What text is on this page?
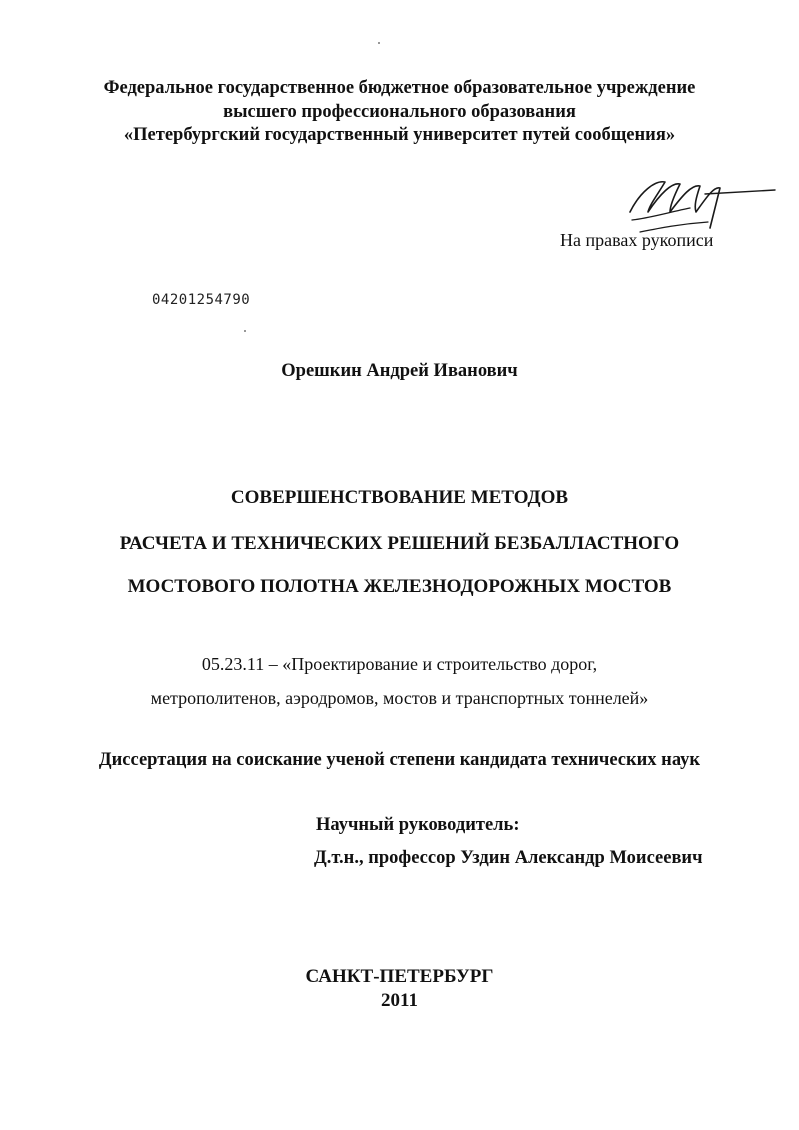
Федеральное государственное бюджетное образовательное учреждение
высшего профессионального образования
«Петербургский государственный университет путей сообщения»
На правах рукописи
04201254790
Орешкин Андрей Иванович
СОВЕРШЕНСТВОВАНИЕ МЕТОДОВ
РАСЧЕТА И ТЕХНИЧЕСКИХ РЕШЕНИЙ БЕЗБАЛЛАСТНОГО
МОСТОВОГО ПОЛОТНА ЖЕЛЕЗНОДОРОЖНЫХ МОСТОВ
05.23.11 – «Проектирование и строительство дорог,
метрополитенов, аэродромов, мостов и транспортных тоннелей»
Диссертация на соискание ученой степени кандидата технических наук
Научный руководитель:
Д.т.н., профессор Уздин Александр Моисеевич
САНКТ-ПЕТЕРБУРГ
2011
